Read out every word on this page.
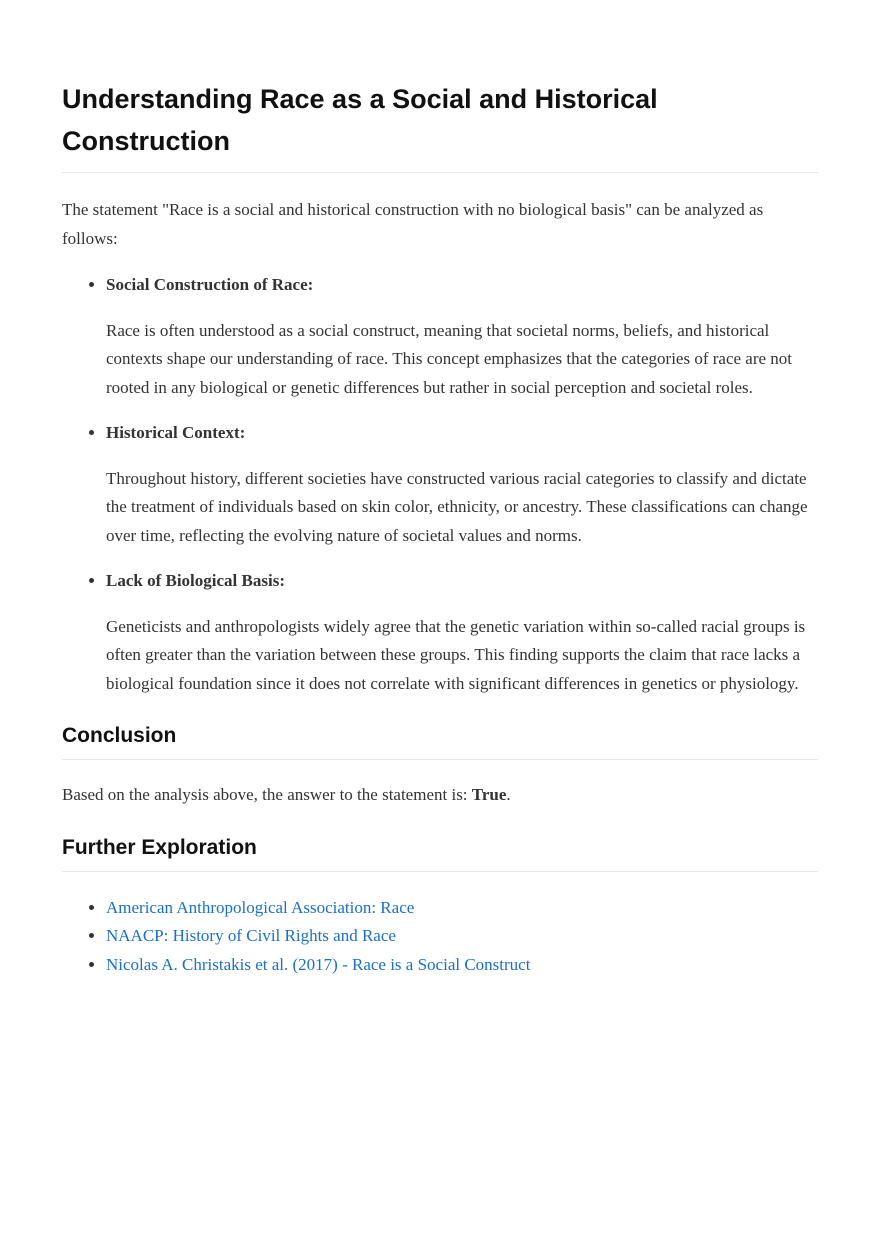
Understanding Race as a Social and Historical Construction

The statement "Race is a social and historical construction with no biological basis" can be analyzed as follows:

• Social Construction of Race:

Race is often understood as a social construct, meaning that societal norms, beliefs, and historical contexts shape our understanding of race. This concept emphasizes that the categories of race are not rooted in any biological or genetic differences but rather in social perception and societal roles.

• Historical Context:

Throughout history, different societies have constructed various racial categories to classify and dictate the treatment of individuals based on skin color, ethnicity, or ancestry. These classifications can change over time, reflecting the evolving nature of societal values and norms.

• Lack of Biological Basis:

Geneticists and anthropologists widely agree that the genetic variation within so-called racial groups is often greater than the variation between these groups. This finding supports the claim that race lacks a biological foundation since it does not correlate with significant differences in genetics or physiology.

Conclusion

Based on the analysis above, the answer to the statement is: True.

Further Exploration
• American Anthropological Association: Race
• NAACP: History of Civil Rights and Race
• Nicolas A. Christakis et al. (2017) - Race is a Social Construct
